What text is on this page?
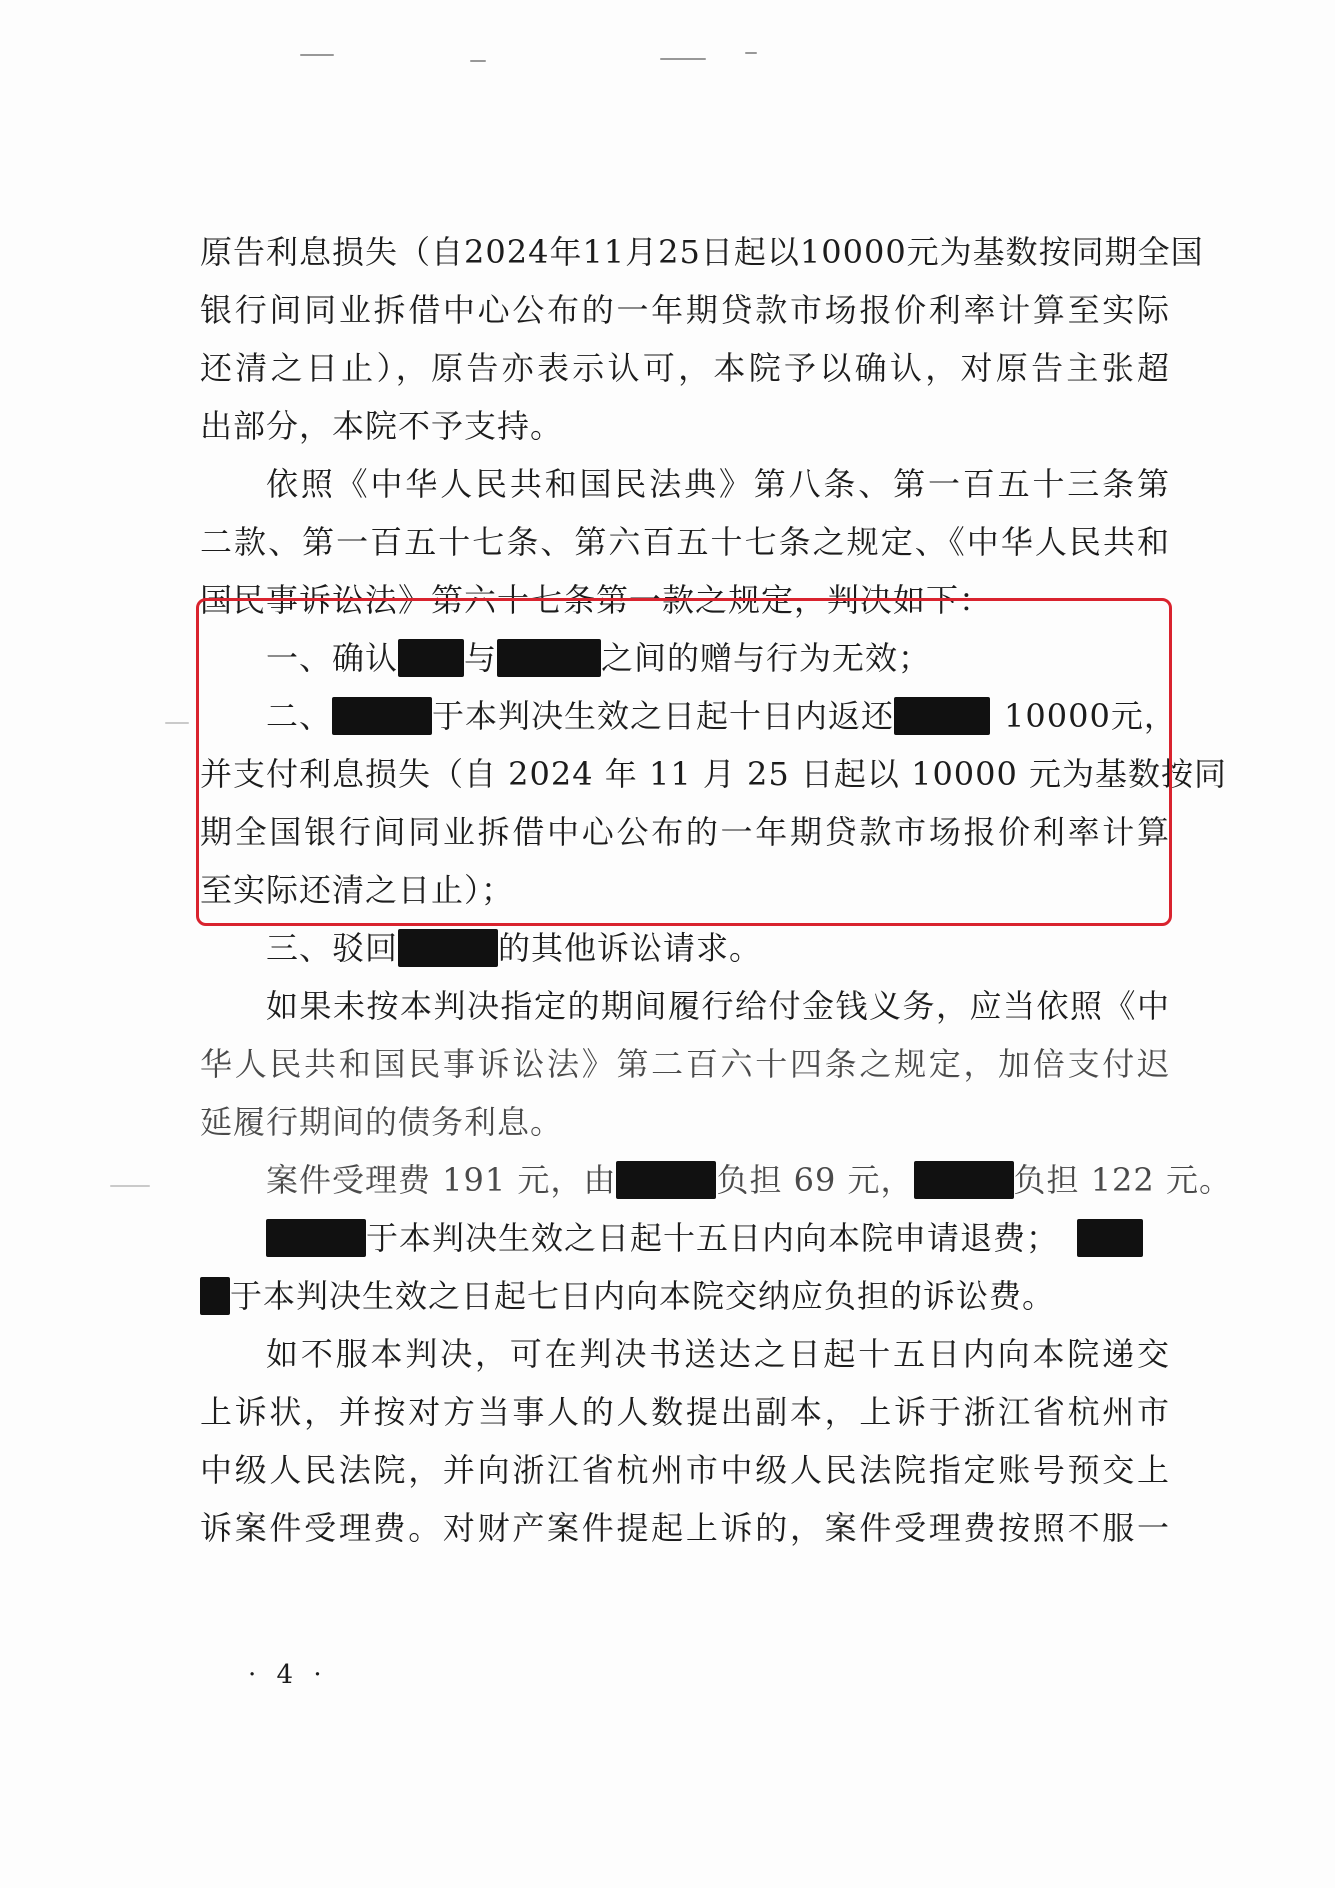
原告利息损失（自2024年11月25日起以10000元为基数按同期全国
银行间同业拆借中心公布的一年期贷款市场报价利率计算至实际
还清之日止），原告亦表示认可，本院予以确认，对原告主张超
出部分，本院不予支持。
依照《中华人民共和国民法典》第八条、第一百五十三条第
二款、第一百五十七条、第六百五十七条之规定、《中华人民共和
国民事诉讼法》第六十七条第一款之规定，判决如下：
一、确认 与	之间的赠与行为无效；
二、	于本判决生效之日起十日内返还	10000元，
并支付利息损失（自 2024 年 11 月 25 日起以 10000 元为基数按同
期全国银行间同业拆借中心公布的一年期贷款市场报价利率计算
至实际还清之日止）；
三、驳回	的其他诉讼请求。
如果未按本判决指定的期间履行给付金钱义务，应当依照《中
华人民共和国民事诉讼法》第二百六十四条之规定，加倍支付迟
延履行期间的债务利息。
案件受理费 191 元，由	负担 69 元，	负担 122 元。
于本判决生效之日起十五日内向本院申请退费；
于本判决生效之日起七日内向本院交纳应负担的诉讼费。
如不服本判决，可在判决书送达之日起十五日内向本院递交
上诉状，并按对方当事人的人数提出副本，上诉于浙江省杭州市
中级人民法院，并向浙江省杭州市中级人民法院指定账号预交上
诉案件受理费。对财产案件提起上诉的，案件受理费按照不服一
· 4 ·
